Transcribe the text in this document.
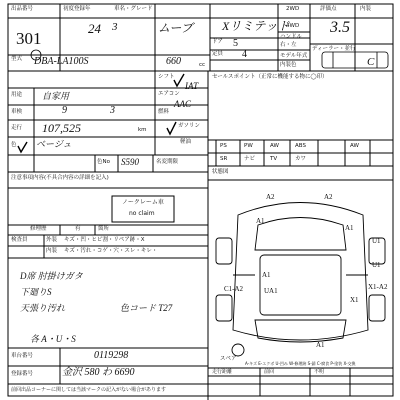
出品番号
301
初度登録年	車名・グレード
24 3	ムーブ Xリミテッド
2WD
4WD
評価点
3.5
内装
C
ドア 5
定員 4
型式 DBA-LA100S	660	cc
ディーラー・並行
ハンドル
右・左
モデル年式
内装色
シフト
IAT
エアコン
AAC
燃料
ガソリン
軽油
用途 自家用
車検	9	3
走行 107,525	km
色 ベージュ
色No S590	名変期限
注意事項内容(不具合内容の詳細を記入)
ノークレーム車
no claim
修理歴	有	箇所
検査員	外装 キズ・凹・ヒビ割・リペア跡・X
内装 キズ・汚れ・コゲ・穴・スレ・キレ・
D席 肘掛けガタ
下廻りS
天張り汚れ	色コード T27
各 A・U・S
セールスポイント（正常に機能する物に◯印）
PS	PW	AW	ABS
SR	ナビ	TV	カワ
AW
状態図
A2	A2
A1
A1
U1
U1
C1-A2	X1-A2
A1
X1
UA1
A1
スペア
A-キズ E-エクボ U-凹み W-修理跡 S-錆 C-腐食 P-塗装 X-交換
車台番号	0119298
登録番号	金沢 580 わ 6690
前回出品コーナーに関しては当該マークの記入がない場合があります
走行距離	前回	不明
